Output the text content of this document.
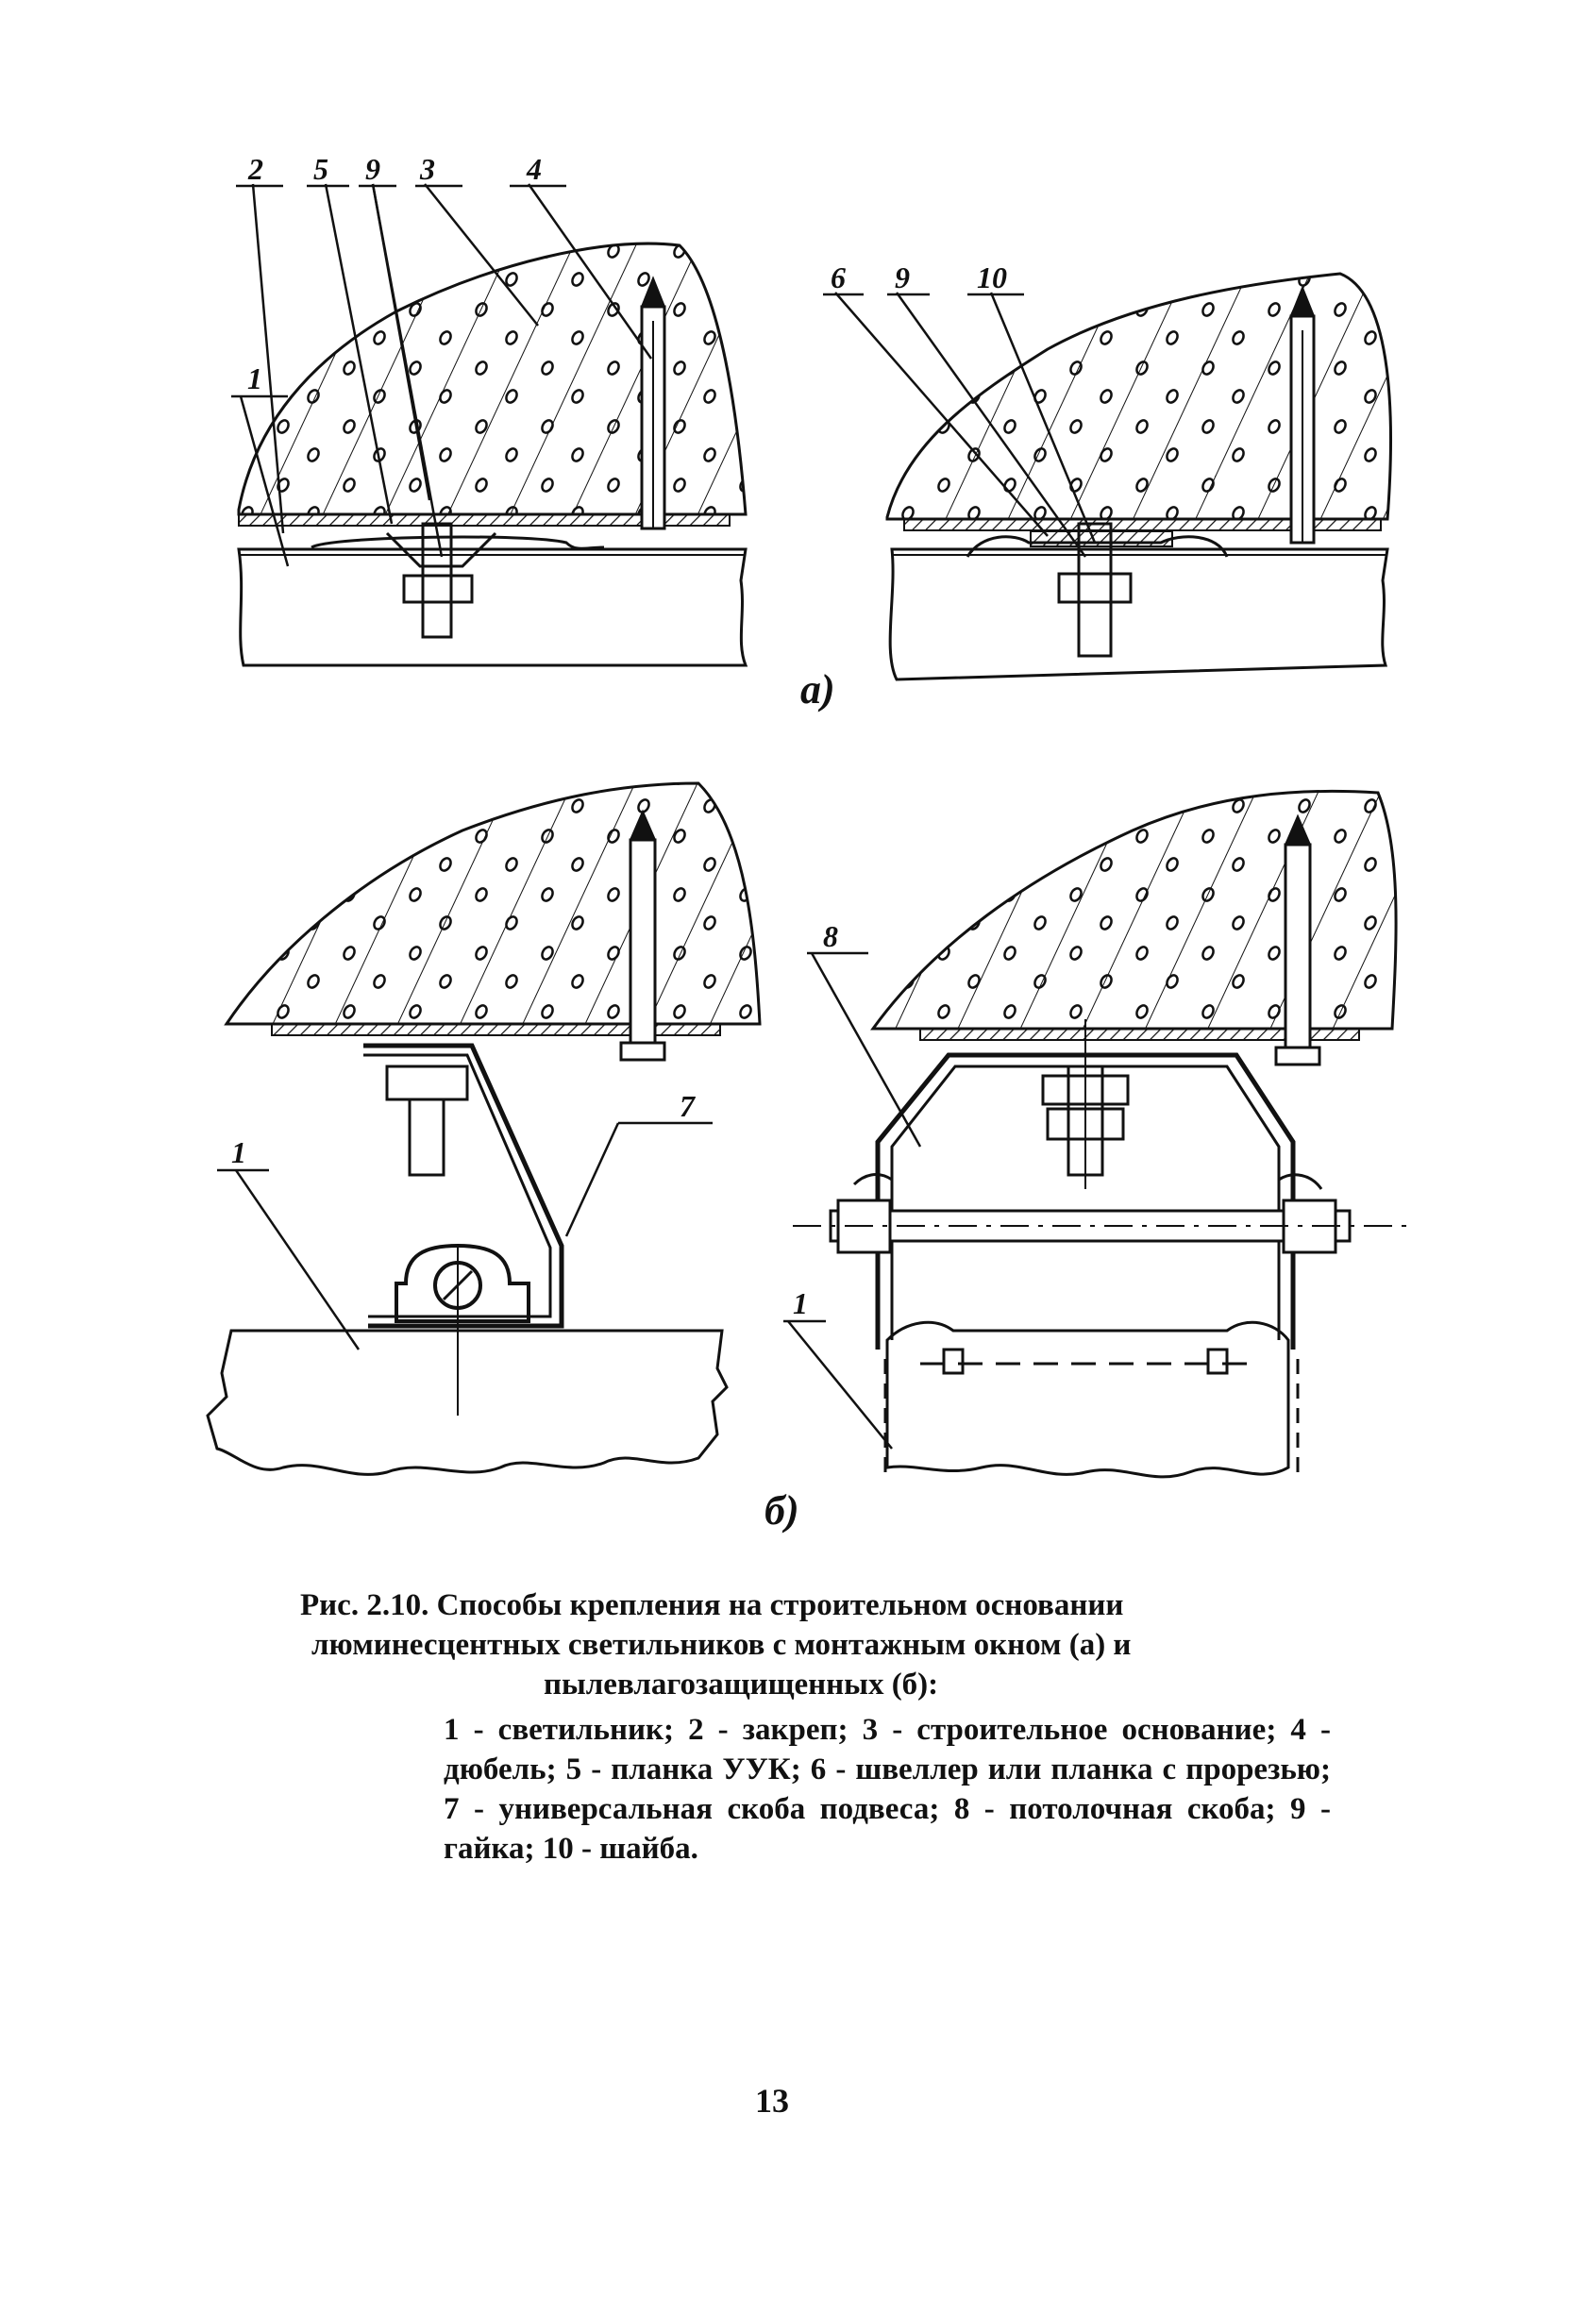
2 5 9 3	4
1
6 9 10
а)
7
1
8
1
б)
Рис. 2.10. Способы крепления на строительном основании
люминесцентных светильников с монтажным окном (а) и
пылевлагозащищенных (б):
1 - светильник; 2 - закреп; 3 - строительное основание; 4 - дюбель; 5 - планка УУК; 6 - швеллер или планка с прорезью; 7 - универсальная скоба подвеса; 8 - потолочная скоба; 9 - гайка; 10 - шайба.
13
